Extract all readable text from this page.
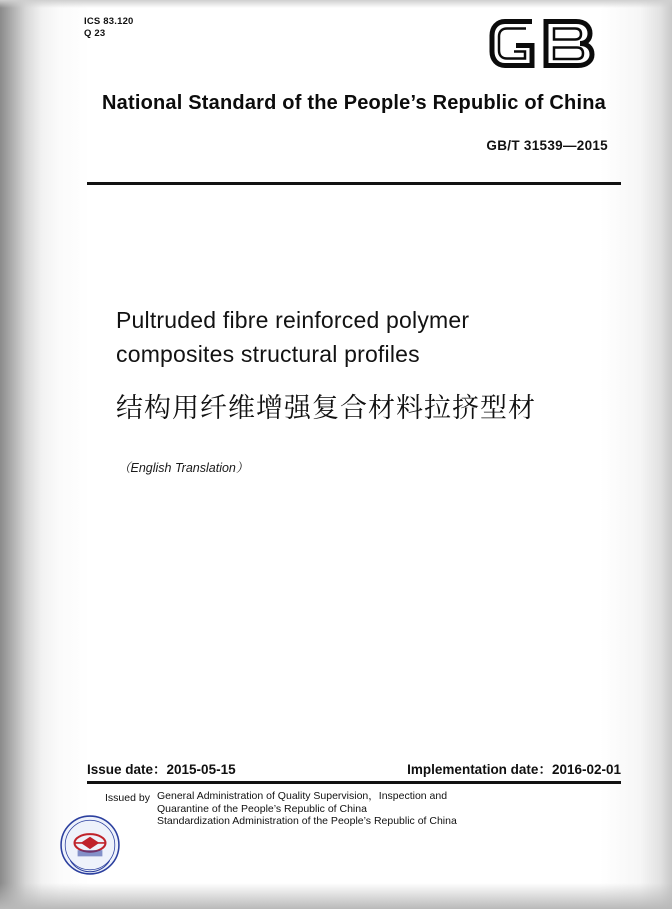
ICS 83.120
Q 23
National Standard of the People’s Republic of China
GB/T 31539—2015
Pultruded fibre reinforced polymer
composites structural profiles
结构用纤维增强复合材料拉挤型材
（English Translation）
Issue date：2015-05-15	Implementation date：2016-02-01
Issued by General Administration of Quality Supervision，Inspection and
Quarantine of the People’s Republic of China
Standardization Administration of the People’s Republic of China
